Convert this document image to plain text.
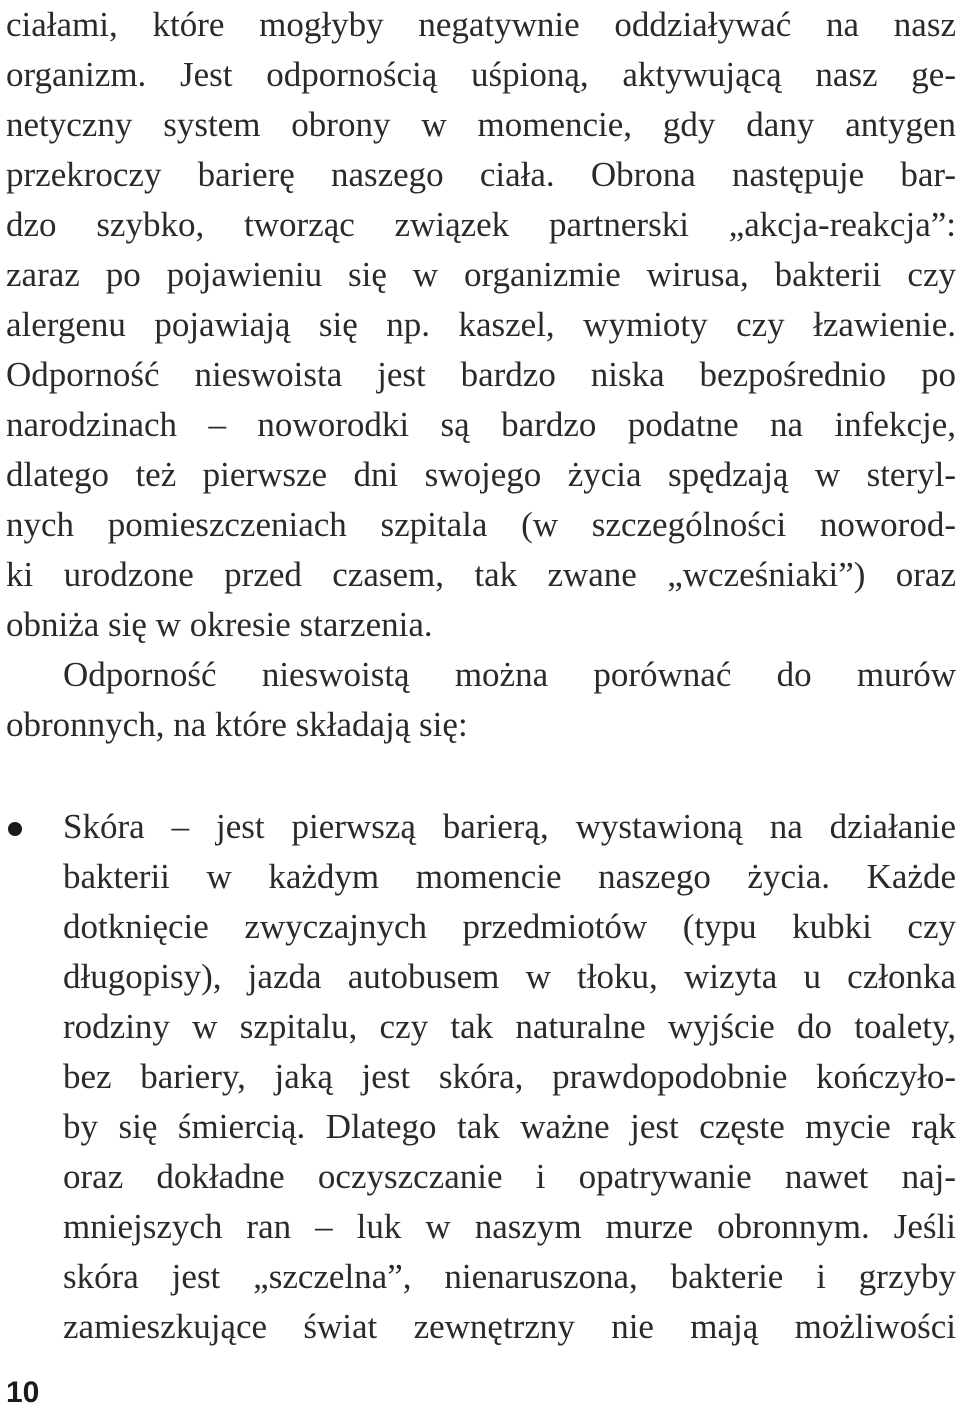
ciałami, które mogłyby negatywnie oddziaływać na nasz
organizm. Jest odpornością uśpioną, aktywującą nasz ge-
netyczny system obrony w momencie, gdy dany antygen
przekroczy barierę naszego ciała. Obrona następuje bar-
dzo szybko, tworząc związek partnerski „akcja-reakcja”:
zaraz po pojawieniu się w organizmie wirusa, bakterii czy
alergenu pojawiają się np. kaszel, wymioty czy łzawienie.
Odporność nieswoista jest bardzo niska bezpośrednio po
narodzinach – noworodki są bardzo podatne na infekcje,
dlatego też pierwsze dni swojego życia spędzają w steryl-
nych pomieszczeniach szpitala (w szczególności noworod-
ki urodzone przed czasem, tak zwane „wcześniaki”) oraz
obniża się w okresie starzenia.
Odporność nieswoistą można porównać do murów
obronnych, na które składają się:
Skóra – jest pierwszą barierą, wystawioną na działanie
bakterii w każdym momencie naszego życia. Każde
dotknięcie zwyczajnych przedmiotów (typu kubki czy
długopisy), jazda autobusem w tłoku, wizyta u członka
rodziny w szpitalu, czy tak naturalne wyjście do toalety,
bez bariery, jaką jest skóra, prawdopodobnie kończyło-
by się śmiercią. Dlatego tak ważne jest częste mycie rąk
oraz dokładne oczyszczanie i opatrywanie nawet naj-
mniejszych ran – luk w naszym murze obronnym. Jeśli
skóra jest „szczelna”, nienaruszona, bakterie i grzyby
zamieszkujące świat zewnętrzny nie mają możliwości
10
